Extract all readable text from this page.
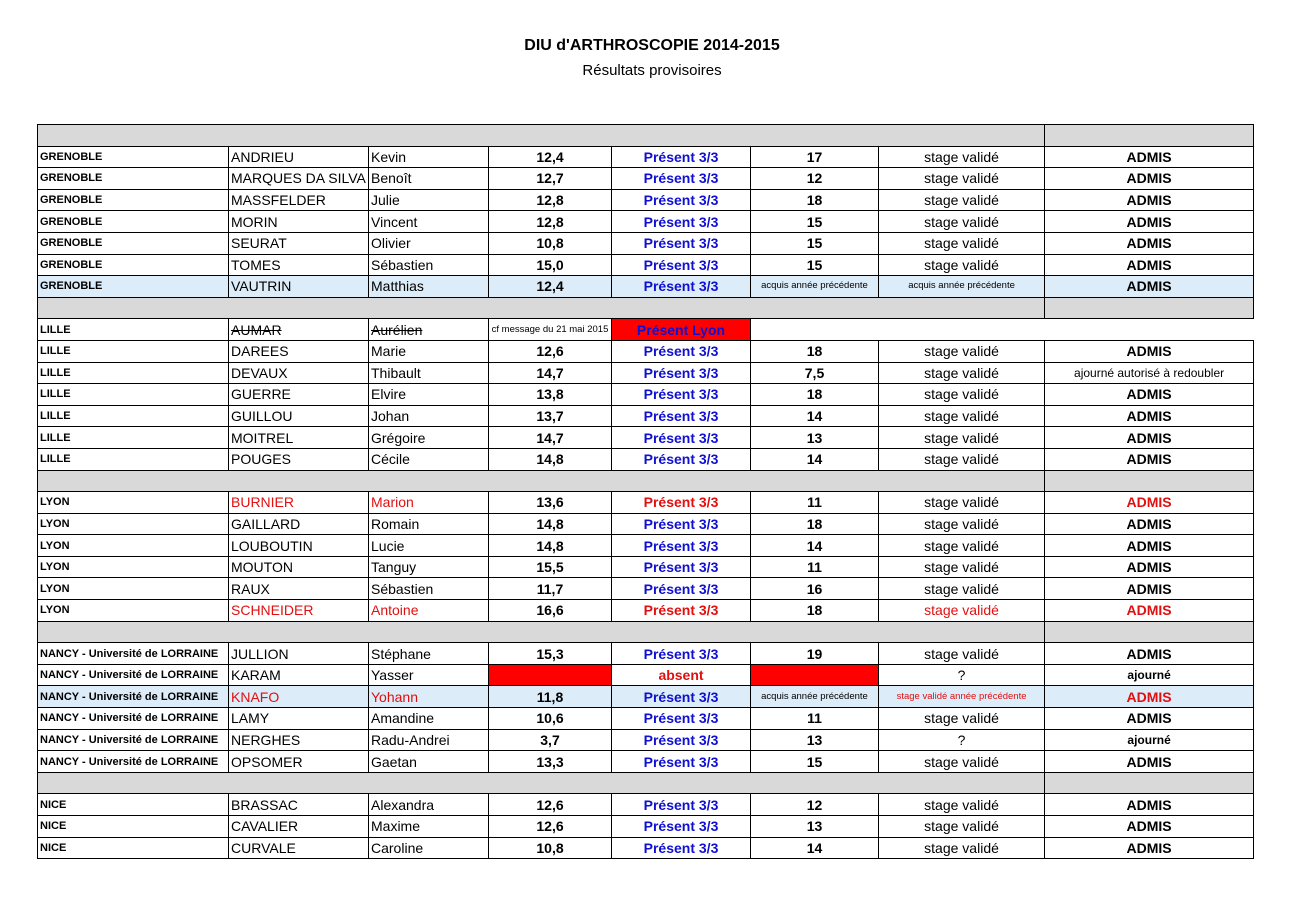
DIU d'ARTHROSCOPIE 2014-2015
Résultats provisoires

GRENOBLE	ANDRIEU	Kevin	12,4	Présent 3/3	17	stage validé	ADMIS
GRENOBLE	MARQUES DA SILVA	Benoît	12,7	Présent 3/3	12	stage validé	ADMIS
GRENOBLE	MASSFELDER	Julie	12,8	Présent 3/3	18	stage validé	ADMIS
GRENOBLE	MORIN	Vincent	12,8	Présent 3/3	15	stage validé	ADMIS
GRENOBLE	SEURAT	Olivier	10,8	Présent 3/3	15	stage validé	ADMIS
GRENOBLE	TOMES	Sébastien	15,0	Présent 3/3	15	stage validé	ADMIS
GRENOBLE	VAUTRIN	Matthias	12,4	Présent 3/3	acquis année précédente	acquis année précédente	ADMIS

LILLE	AUMAR	Aurélien	cf message du 21 mai 2015	Présent Lyon			
LILLE	DAREES	Marie	12,6	Présent 3/3	18	stage validé	ADMIS
LILLE	DEVAUX	Thibault	14,7	Présent 3/3	7,5	stage validé	ajourné autorisé à redoubler
LILLE	GUERRE	Elvire	13,8	Présent 3/3	18	stage validé	ADMIS
LILLE	GUILLOU	Johan	13,7	Présent 3/3	14	stage validé	ADMIS
LILLE	MOITREL	Grégoire	14,7	Présent 3/3	13	stage validé	ADMIS
LILLE	POUGES	Cécile	14,8	Présent 3/3	14	stage validé	ADMIS

LYON	BURNIER	Marion	13,6	Présent 3/3	11	stage validé	ADMIS
LYON	GAILLARD	Romain	14,8	Présent 3/3	18	stage validé	ADMIS
LYON	LOUBOUTIN	Lucie	14,8	Présent 3/3	14	stage validé	ADMIS
LYON	MOUTON	Tanguy	15,5	Présent 3/3	11	stage validé	ADMIS
LYON	RAUX	Sébastien	11,7	Présent 3/3	16	stage validé	ADMIS
LYON	SCHNEIDER	Antoine	16,6	Présent 3/3	18	stage validé	ADMIS

NANCY - Université de LORRAINE	JULLION	Stéphane	15,3	Présent 3/3	19	stage validé	ADMIS
NANCY - Université de LORRAINE	KARAM	Yasser		absent		?	ajourné
NANCY - Université de LORRAINE	KNAFO	Yohann	11,8	Présent 3/3	acquis année précédente	stage validé année précédente	ADMIS
NANCY - Université de LORRAINE	LAMY	Amandine	10,6	Présent 3/3	11	stage validé	ADMIS
NANCY - Université de LORRAINE	NERGHES	Radu-Andrei	3,7	Présent 3/3	13	?	ajourné
NANCY - Université de LORRAINE	OPSOMER	Gaetan	13,3	Présent 3/3	15	stage validé	ADMIS

NICE	BRASSAC	Alexandra	12,6	Présent 3/3	12	stage validé	ADMIS
NICE	CAVALIER	Maxime	12,6	Présent 3/3	13	stage validé	ADMIS
NICE	CURVALE	Caroline	10,8	Présent 3/3	14	stage validé	ADMIS
